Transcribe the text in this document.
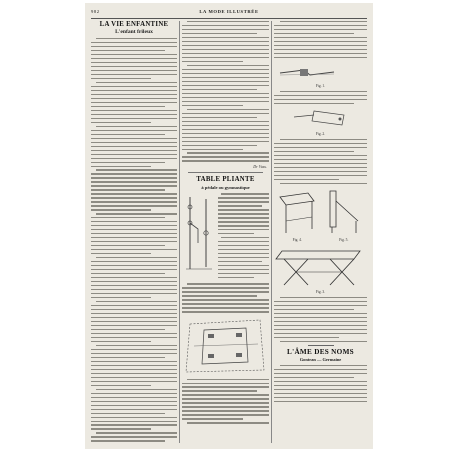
982	LA MODE ILLUSTRÉE
LA VIE ENFANTINE
L'enfant frileux
Dr Vuss.
TABLE PLIANTE
à pédale ou gymnastique
Fig. 1.
Fig. 2.
Fig. 4.	Fig. 5.
Fig. 3.
L'ÂME DES NOMS
Gontran — Germaine
